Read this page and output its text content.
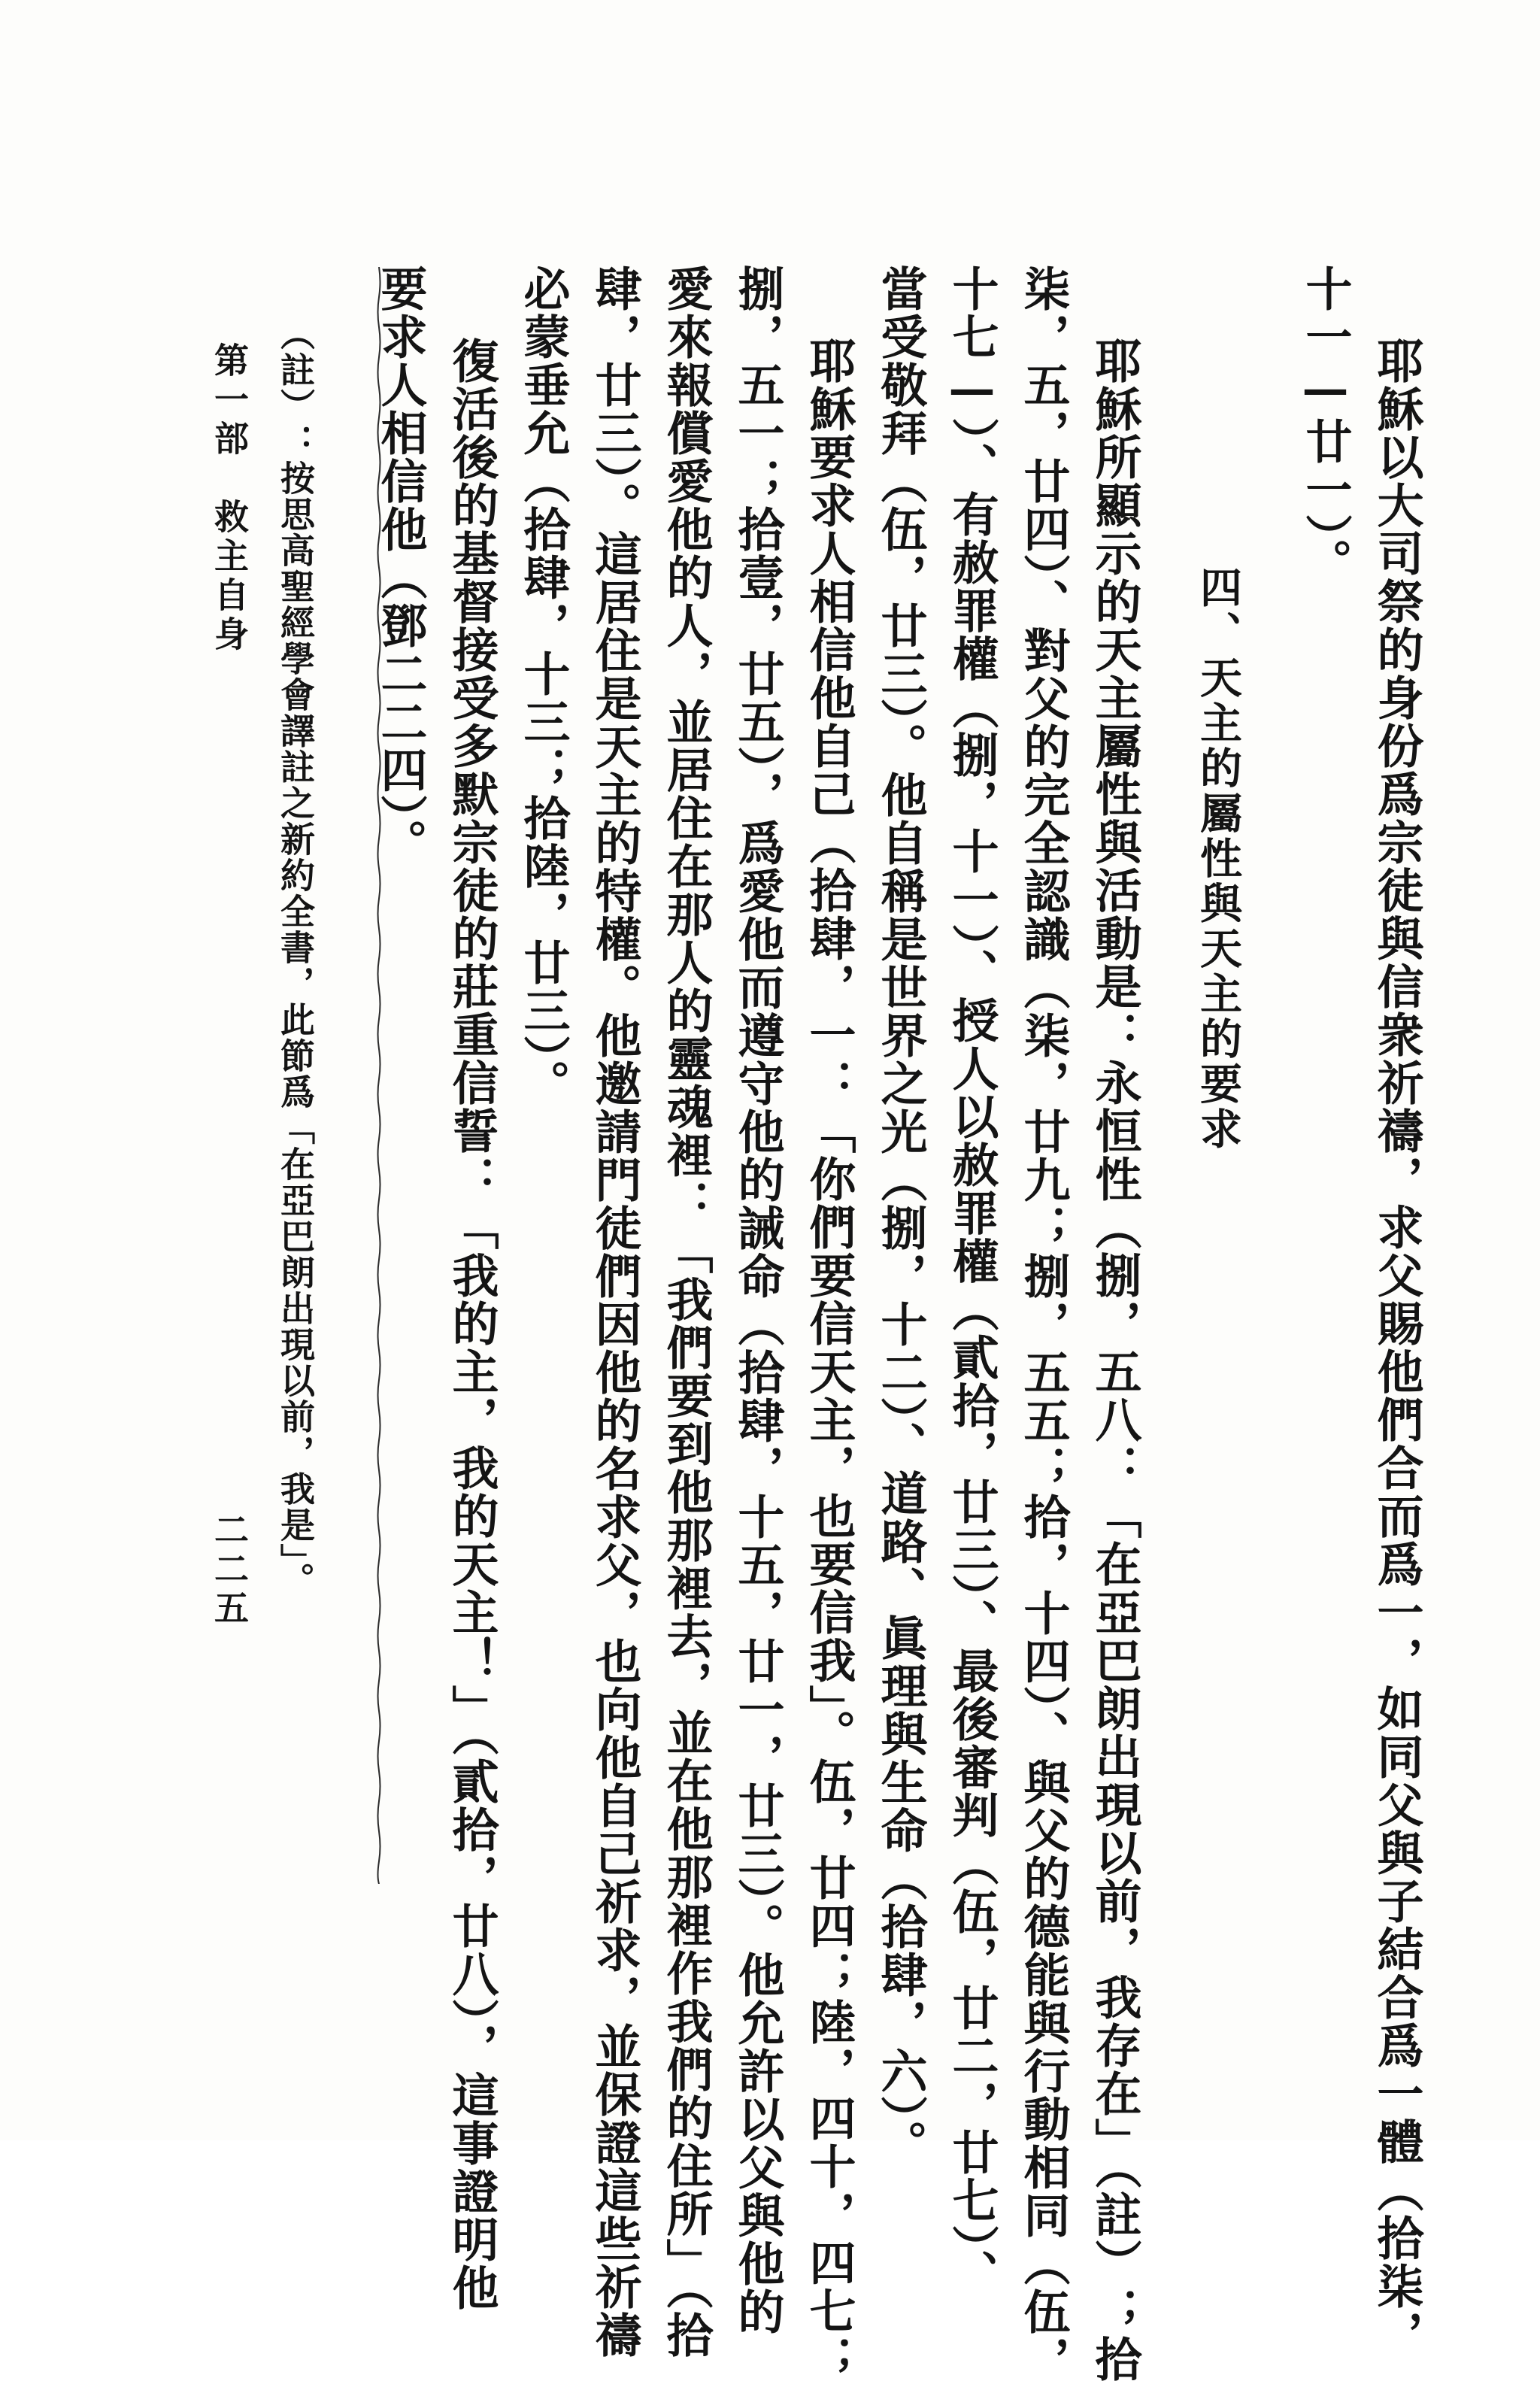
耶穌以大司祭的身份爲宗徒與信衆祈禱，求父賜他們合而爲一，如同父與子結合爲一體（拾柒，
十一—廿一）。
四、天主的屬性與天主的要求
耶穌所顯示的天主屬性與活動是：永恒性（捌，五八：「在亞巴朗出現以前，我存在」（註）；拾
柒，五，廿四）、對父的完全認識（柒，廿九；捌，五五；拾，十四）、與父的德能與行動相同（伍，
十七—）、有赦罪權（捌，十一）、授人以赦罪權（貳拾，廿三）、最後審判（伍，廿二，廿七）、
當受敬拜（伍，廿三）。他自稱是世界之光（捌，十二）、道路、眞理與生命（拾肆，六）。
耶穌要求人相信他自己（拾肆，一：「你們要信天主，也要信我」。伍，廿四；陸，四十，四七；
捌，五一；拾壹，廿五），爲愛他而遵守他的誡命（拾肆，十五，廿一，廿三）。他允許以父與他的
愛來報償愛他的人，並居住在那人的靈魂裡：「我們要到他那裡去，並在他那裡作我們的住所」（拾
肆，廿三）。這居住是天主的特權。他邀請門徒們因他的名求父，也向他自己祈求，並保證這些祈禱
必蒙垂允（拾肆，十三；拾陸，廿三）。
復活後的基督接受多默宗徒的莊重信誓：「我的主，我的天主！」（貳拾，廿八），這事證明他
要求人相信他（鄧二二四）。
（註）：按思高聖經學會譯註之新約全書，此節爲「在亞巴朗出現以前，我是」。
第一部　救主自身
二二五
